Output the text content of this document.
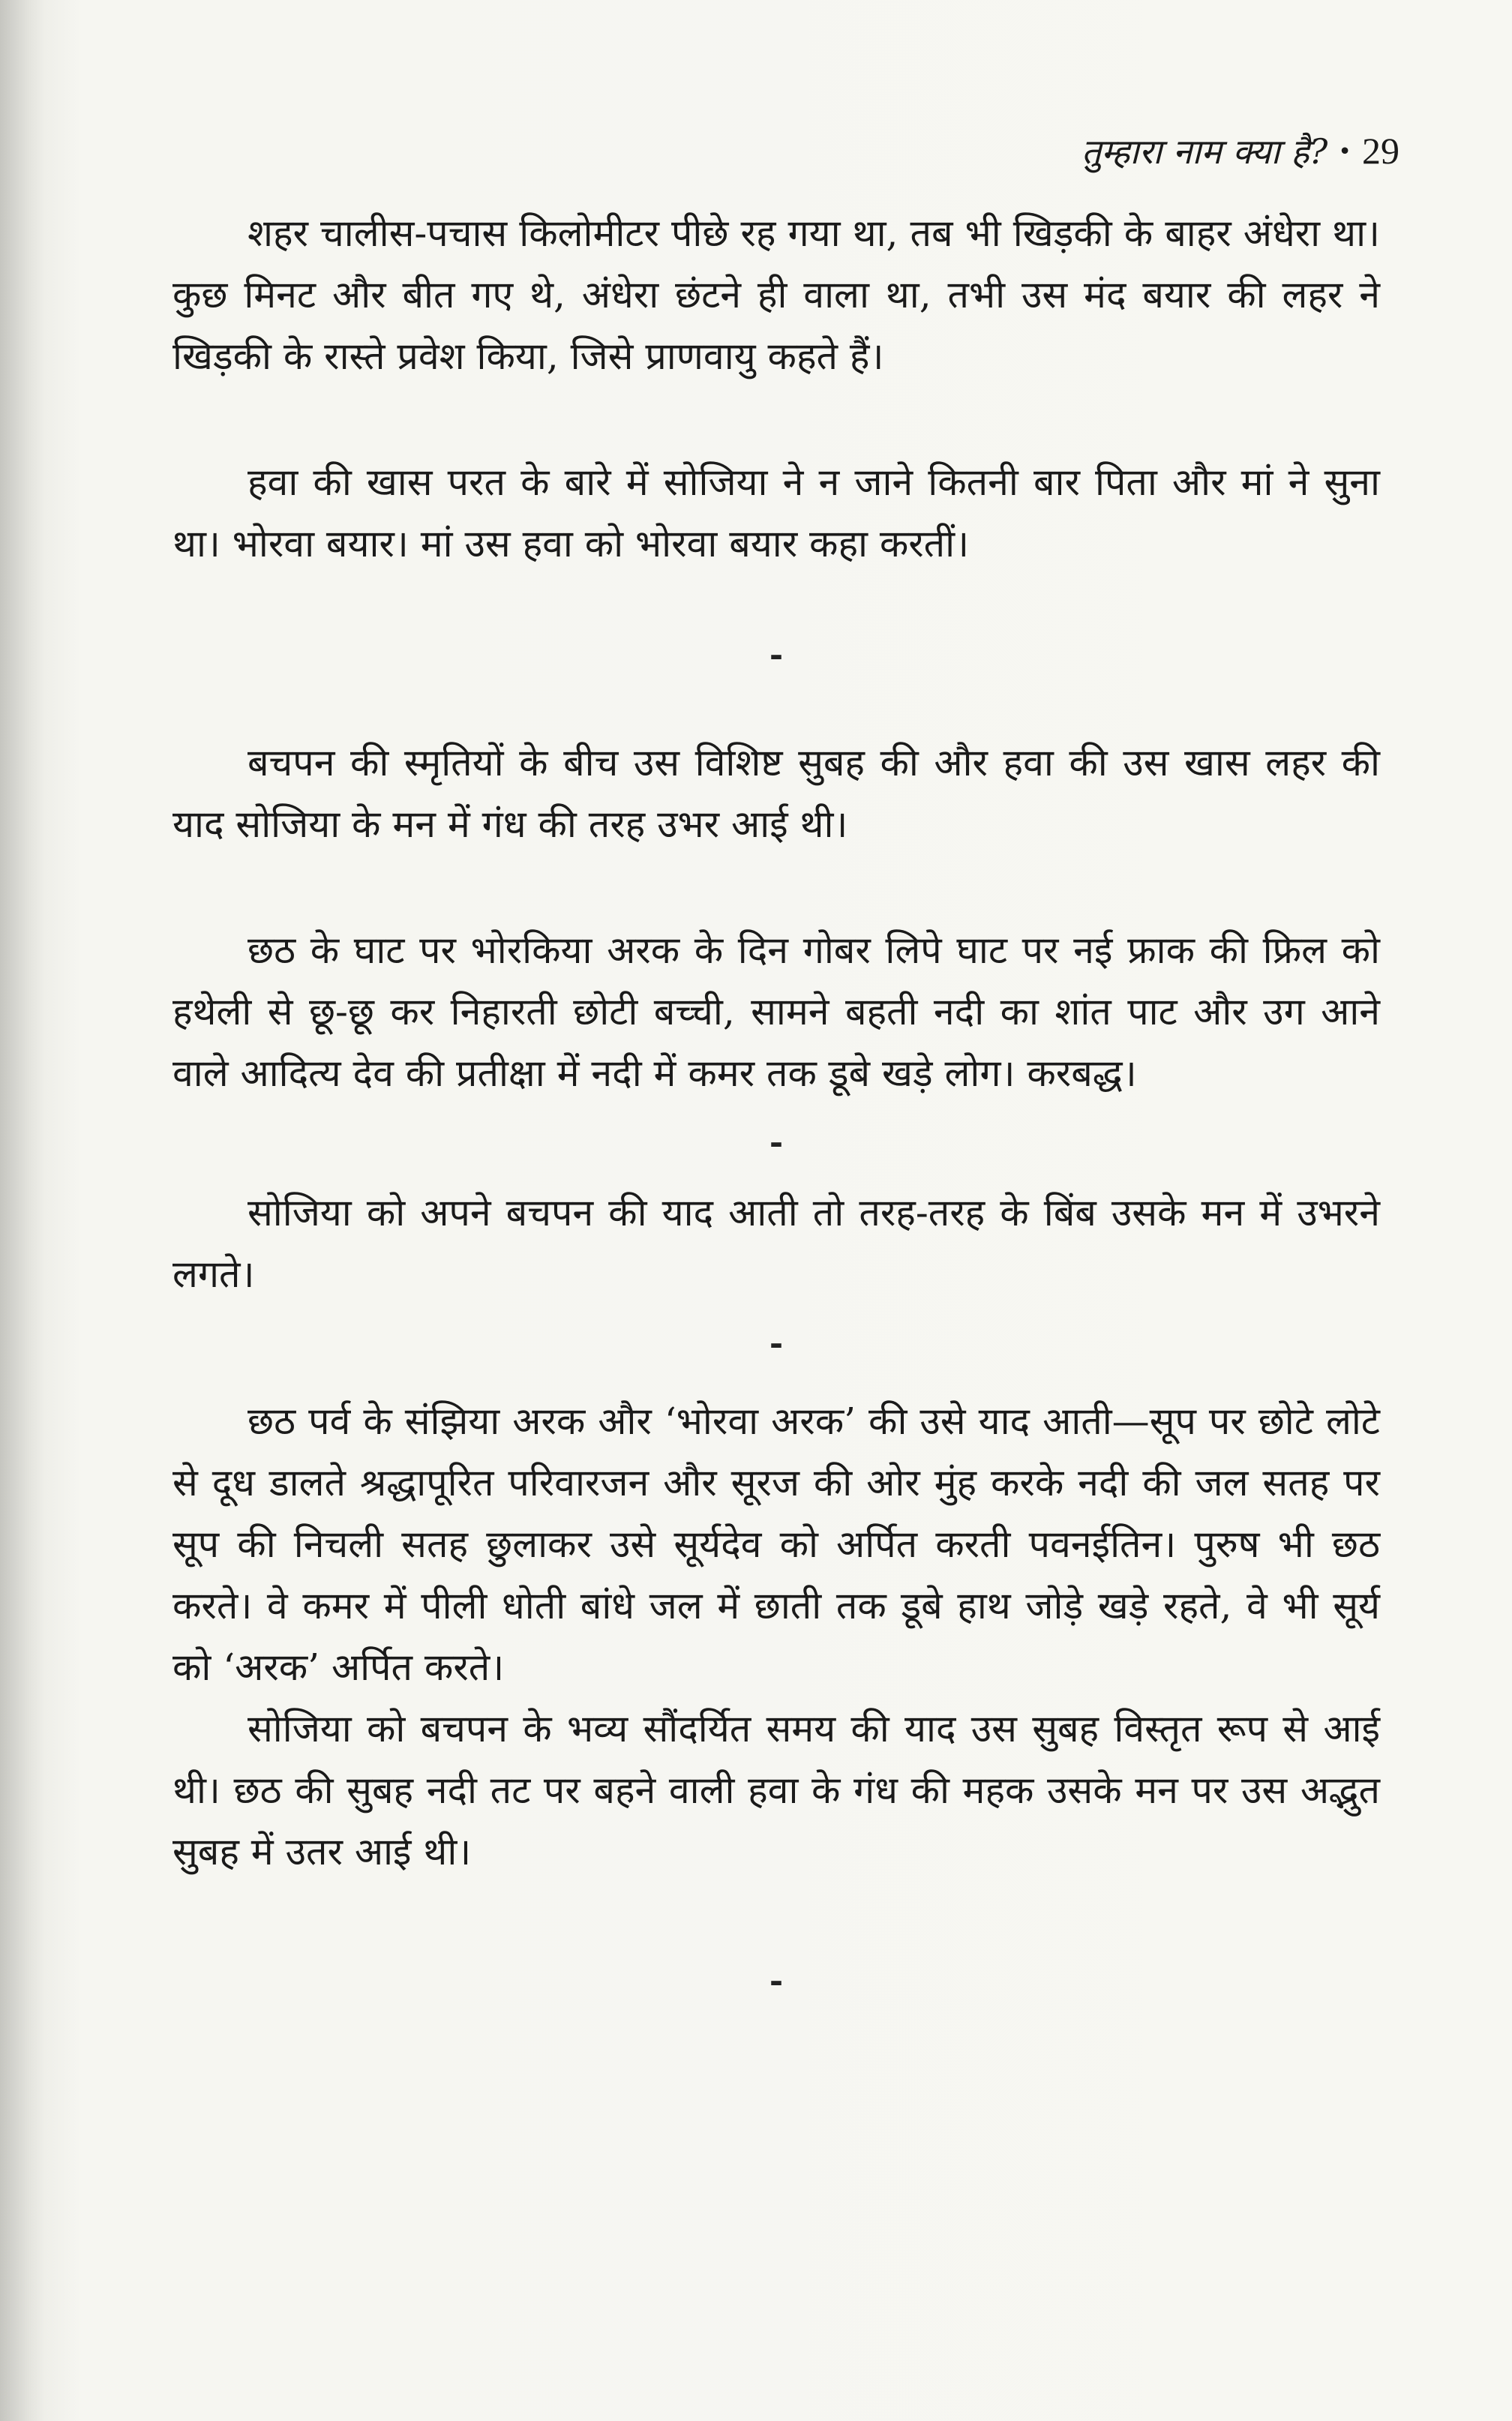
तुम्हारा नाम क्या है? • 29

शहर चालीस-पचास किलोमीटर पीछे रह गया था, तब भी खिड़की के बाहर अंधेरा था। कुछ मिनट और बीत गए थे, अंधेरा छंटने ही वाला था, तभी उस मंद बयार की लहर ने खिड़की के रास्ते प्रवेश किया, जिसे प्राणवायु कहते हैं।

हवा की खास परत के बारे में सोजिया ने न जाने कितनी बार पिता और मां ने सुना था। भोरवा बयार। मां उस हवा को भोरवा बयार कहा करतीं।

-

बचपन की स्मृतियों के बीच उस विशिष्ट सुबह की और हवा की उस खास लहर की याद सोजिया के मन में गंध की तरह उभर आई थी।

छठ के घाट पर भोरकिया अरक के दिन गोबर लिपे घाट पर नई फ्राक की फ्रिल को हथेली से छू-छू कर निहारती छोटी बच्ची, सामने बहती नदी का शांत पाट और उग आने वाले आदित्य देव की प्रतीक्षा में नदी में कमर तक डूबे खड़े लोग। करबद्ध।

-

सोजिया को अपने बचपन की याद आती तो तरह-तरह के बिंब उसके मन में उभरने लगते।

-

छठ पर्व के संझिया अरक और ‘भोरवा अरक’ की उसे याद आती—सूप पर छोटे लोटे से दूध डालते श्रद्धापूरित परिवारजन और सूरज की ओर मुंह करके नदी की जल सतह पर सूप की निचली सतह छुलाकर उसे सूर्यदेव को अर्पित करती पवनईतिन। पुरुष भी छठ करते। वे कमर में पीली धोती बांधे जल में छाती तक डूबे हाथ जोड़े खड़े रहते, वे भी सूर्य को ‘अरक’ अर्पित करते।

सोजिया को बचपन के भव्य सौंदर्यित समय की याद उस सुबह विस्तृत रूप से आई थी। छठ की सुबह नदी तट पर बहने वाली हवा के गंध की महक उसके मन पर उस अद्भुत सुबह में उतर आई थी।

-
